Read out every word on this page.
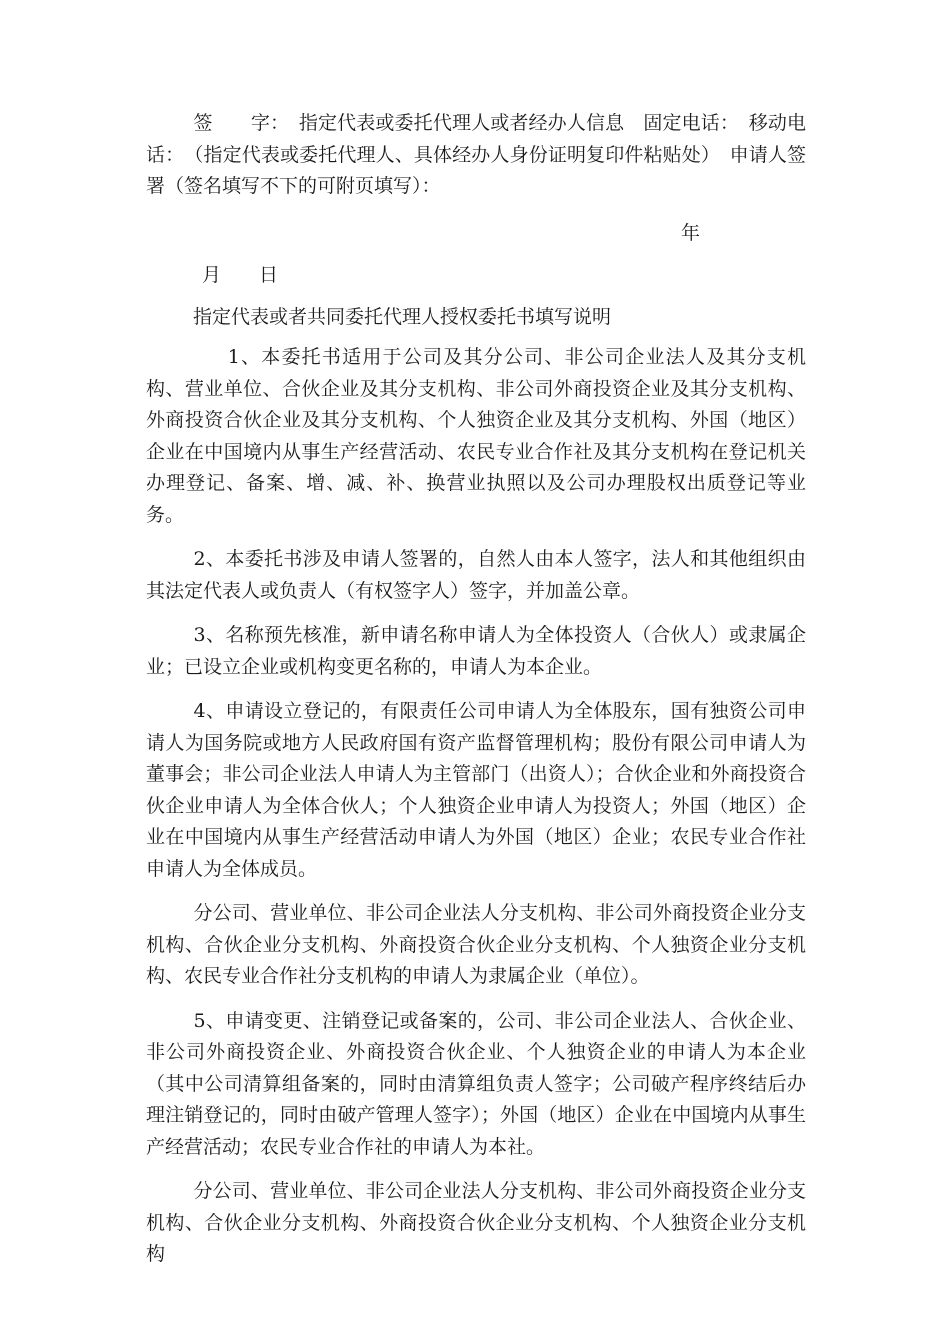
签　　字：　指定代表或委托代理人或者经办人信息　固定电话：　移动电话：　（指定代表或委托代理人、具体经办人身份证明复印件粘贴处）　申请人签署（签名填写不下的可附页填写）：

年
月 日
指定代表或者共同委托代理人授权委托书填写说明

1、本委托书适用于公司及其分公司、非公司企业法人及其分支机构、营业单位、合伙企业及其分支机构、非公司外商投资企业及其分支机构、外商投资合伙企业及其分支机构、个人独资企业及其分支机构、外国（地区）企业在中国境内从事生产经营活动、农民专业合作社及其分支机构在登记机关办理登记、备案、增、减、补、换营业执照以及公司办理股权出质登记等业务。

2、本委托书涉及申请人签署的，自然人由本人签字，法人和其他组织由其法定代表人或负责人（有权签字人）签字，并加盖公章。

3、名称预先核准，新申请名称申请人为全体投资人（合伙人）或隶属企业；已设立企业或机构变更名称的，申请人为本企业。

4、申请设立登记的，有限责任公司申请人为全体股东，国有独资公司申请人为国务院或地方人民政府国有资产监督管理机构；股份有限公司申请人为董事会；非公司企业法人申请人为主管部门（出资人）；合伙企业和外商投资合伙企业申请人为全体合伙人；个人独资企业申请人为投资人；外国（地区）企业在中国境内从事生产经营活动申请人为外国（地区）企业；农民专业合作社申请人为全体成员。

分公司、营业单位、非公司企业法人分支机构、非公司外商投资企业分支机构、合伙企业分支机构、外商投资合伙企业分支机构、个人独资企业分支机构、农民专业合作社分支机构的申请人为隶属企业（单位）。

5、申请变更、注销登记或备案的，公司、非公司企业法人、合伙企业、非公司外商投资企业、外商投资合伙企业、个人独资企业的申请人为本企业（其中公司清算组备案的，同时由清算组负责人签字；公司破产程序终结后办理注销登记的，同时由破产管理人签字）；外国（地区）企业在中国境内从事生产经营活动；农民专业合作社的申请人为本社。

分公司、营业单位、非公司企业法人分支机构、非公司外商投资企业分支机构、合伙企业分支机构、外商投资合伙企业分支机构、个人独资企业分支机构
